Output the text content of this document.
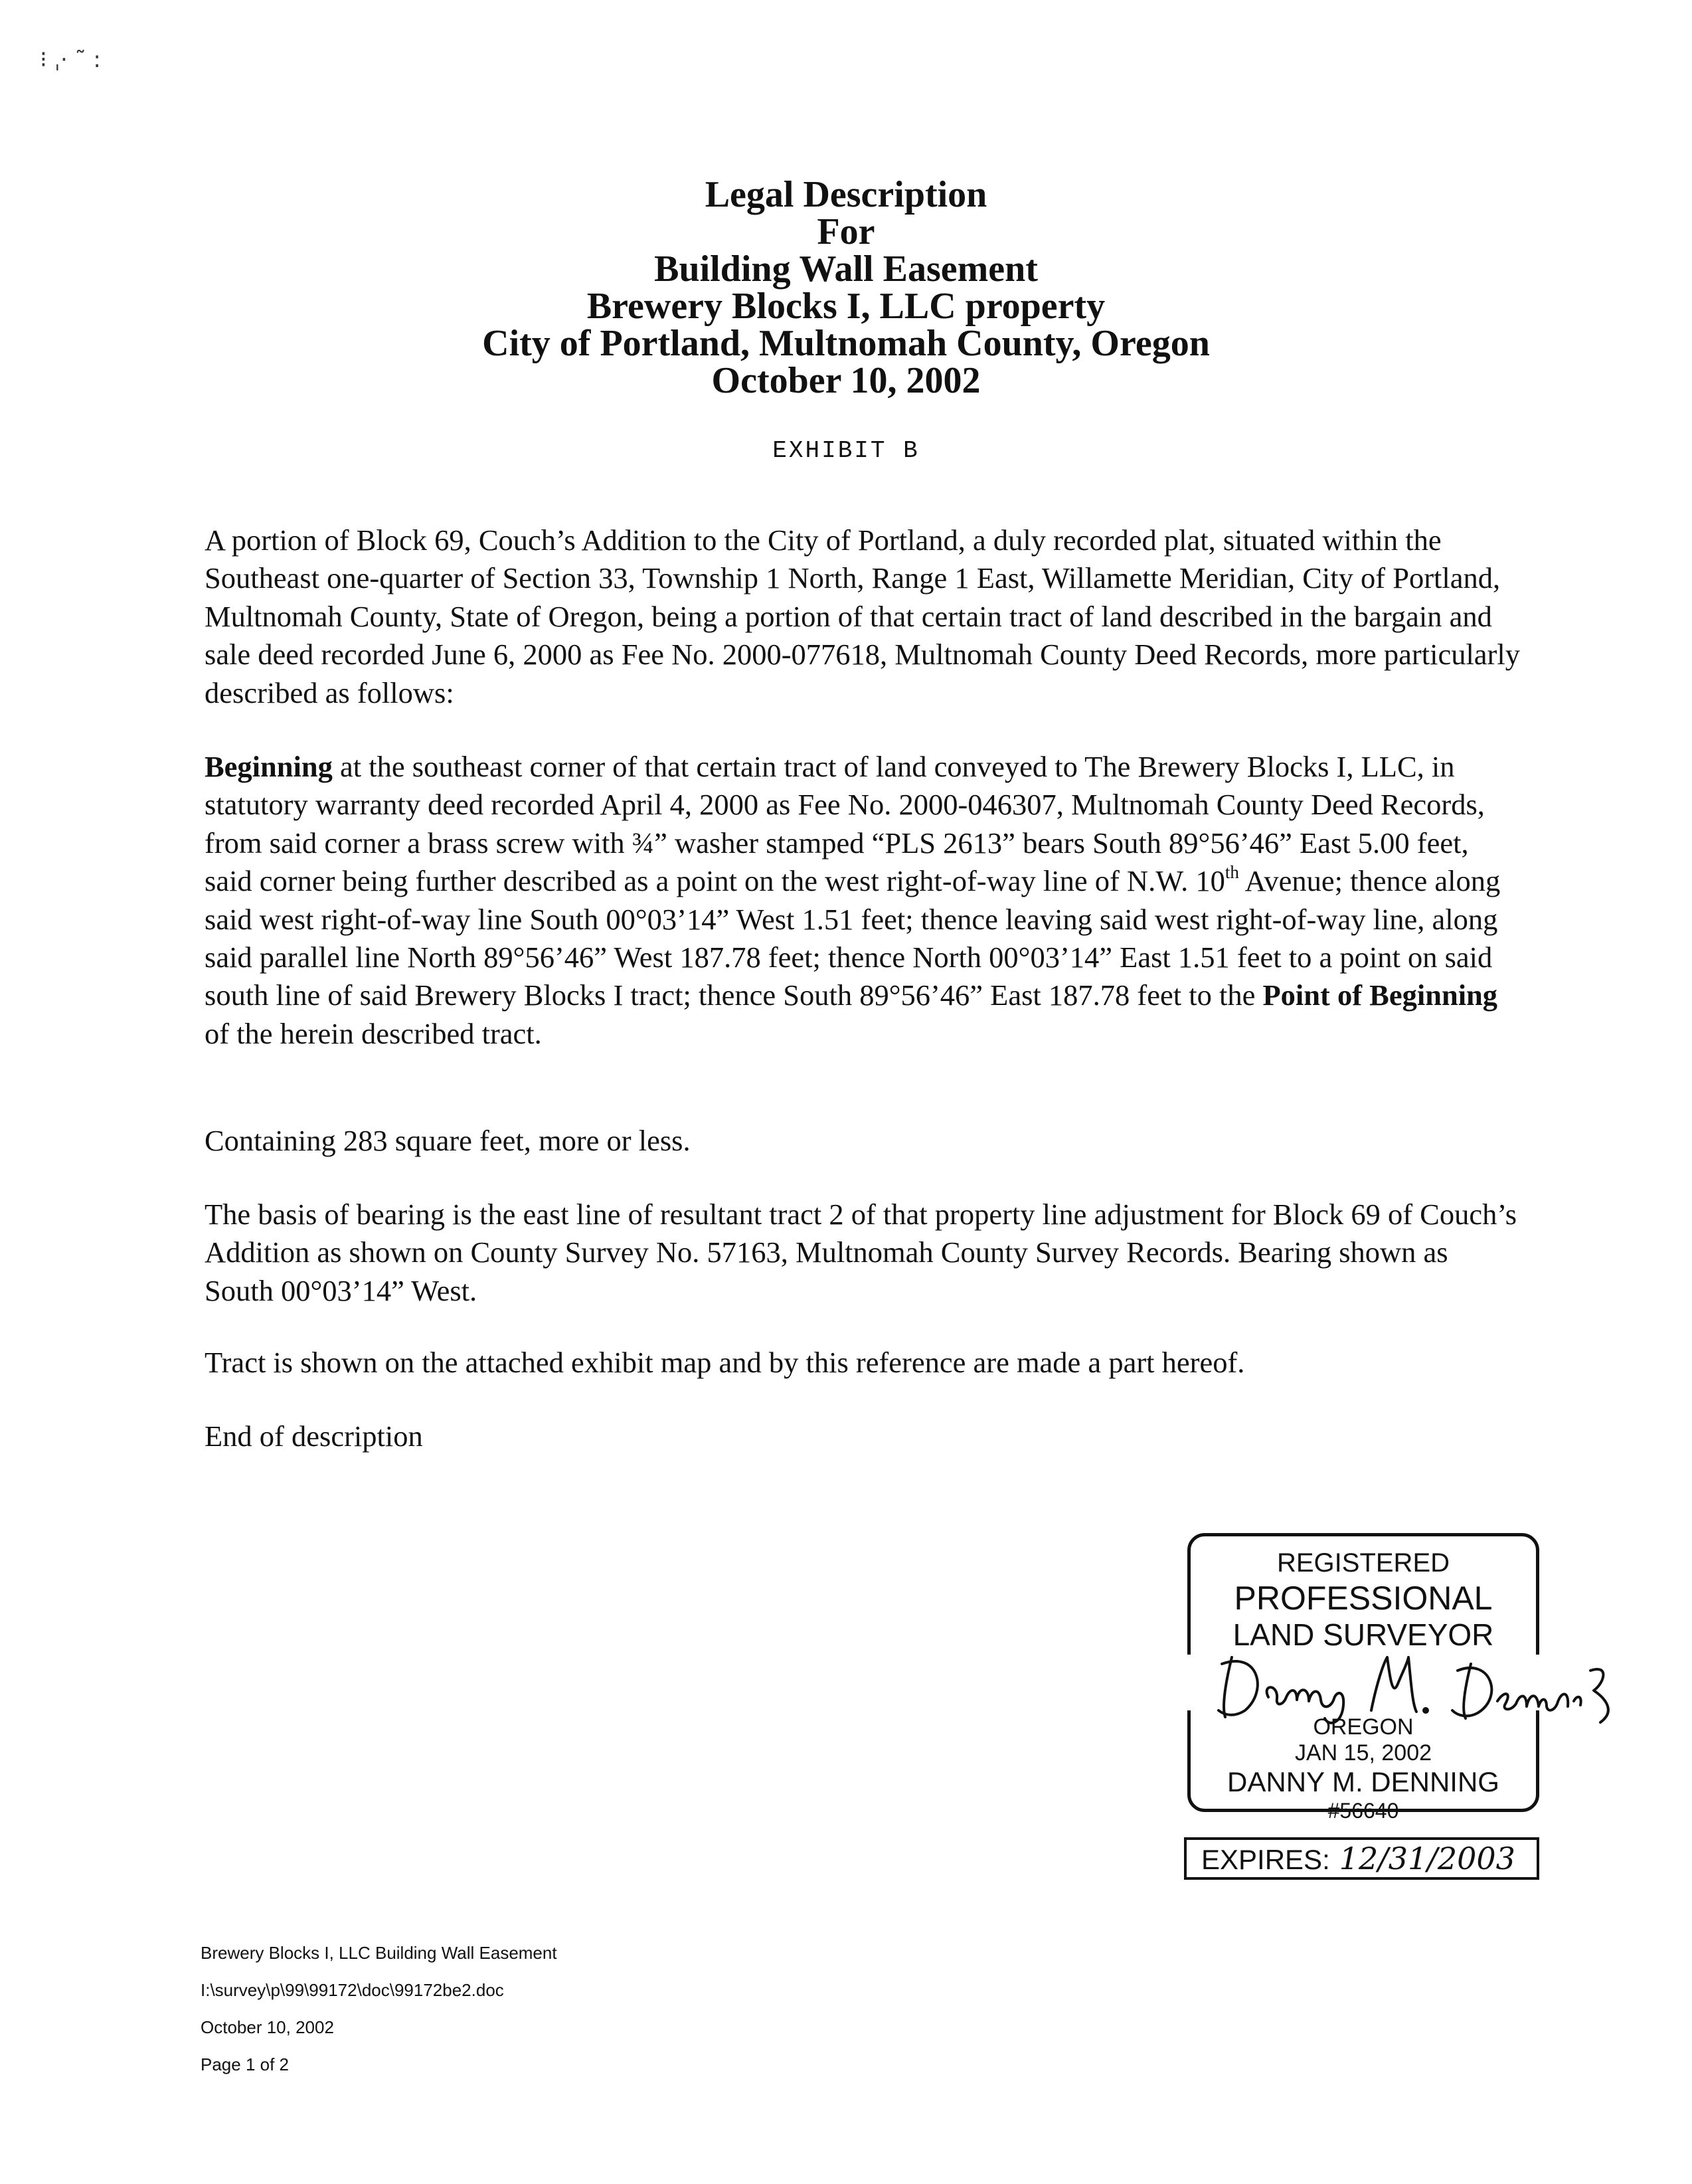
⁝ ˌ· ˜ :
Legal Description
For
Building Wall Easement
Brewery Blocks I, LLC property
City of Portland, Multnomah County, Oregon
October 10, 2002
EXHIBIT B
A portion of Block 69, Couch’s Addition to the City of Portland, a duly recorded plat, situated within the Southeast one-quarter of Section 33, Township 1 North, Range 1 East, Willamette Meridian, City of Portland, Multnomah County, State of Oregon, being a portion of that certain tract of land described in the bargain and sale deed recorded June 6, 2000 as Fee No. 2000-077618, Multnomah County Deed Records, more particularly described as follows:
Beginning at the southeast corner of that certain tract of land conveyed to The Brewery Blocks I, LLC, in statutory warranty deed recorded April 4, 2000 as Fee No. 2000-046307, Multnomah County Deed Records, from said corner a brass screw with ¾” washer stamped “PLS 2613” bears South 89°56’46” East 5.00 feet, said corner being further described as a point on the west right-of-way line of N.W. 10th Avenue; thence along said west right-of-way line South 00°03’14” West 1.51 feet; thence leaving said west right-of-way line, along said parallel line North 89°56’46” West 187.78 feet; thence North 00°03’14” East 1.51 feet to a point on said south line of said Brewery Blocks I tract; thence South 89°56’46” East 187.78 feet to the Point of Beginning of the herein described tract.
Containing 283 square feet, more or less.
The basis of bearing is the east line of resultant tract 2 of that property line adjustment for Block 69 of Couch’s Addition as shown on County Survey No. 57163, Multnomah County Survey Records. Bearing shown as South 00°03’14” West.
Tract is shown on the attached exhibit map and by this reference are made a part hereof.
End of description
REGISTERED
PROFESSIONAL
LAND SURVEYOR
OREGON
JAN 15, 2002
DANNY M. DENNING
#56640
EXPIRES: 12/31/2003
Brewery Blocks I, LLC Building Wall Easement
I:\survey\p\99\99172\doc\99172be2.doc
October 10, 2002
Page 1 of 2
